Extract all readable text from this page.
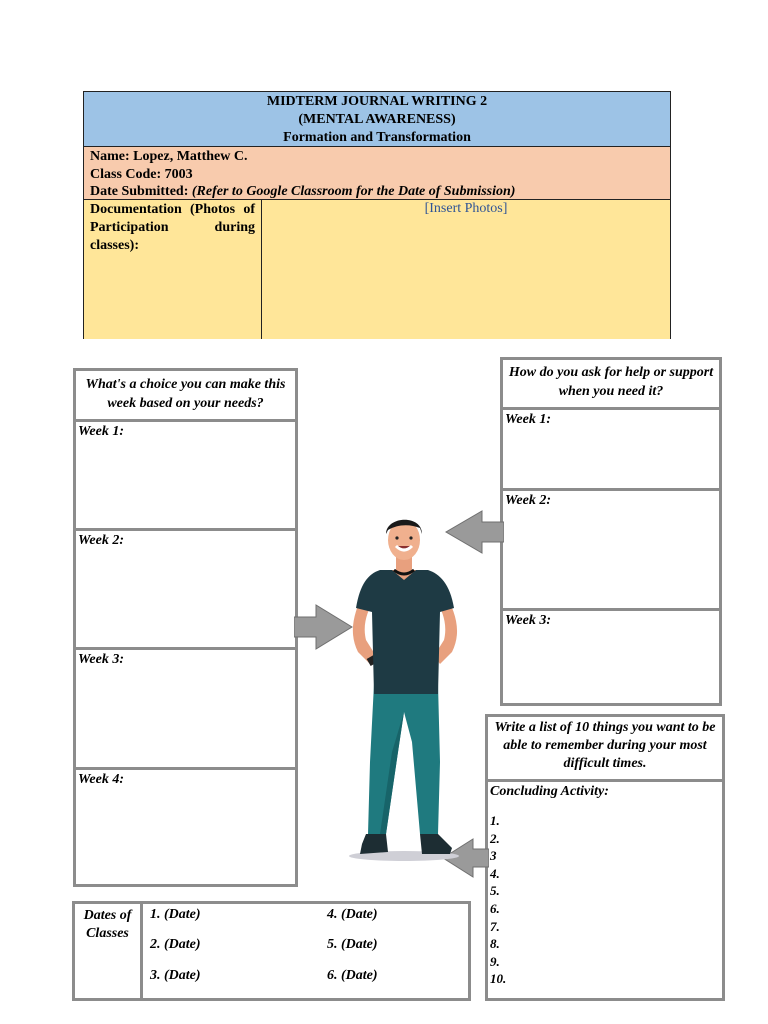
MIDTERM JOURNAL WRITING 2
(MENTAL AWARENESS)
Formation and Transformation
Name: Lopez, Matthew C.
Class Code: 7003
Date Submitted: (Refer to Google Classroom for the Date of Submission)
Documentation (Photos of Participation during classes):
[Insert Photos]
What's a choice you can make this week based on your needs?
Week 1:
Week 2:
Week 3:
Week 4:
How do you ask for help or support when you need it?
Week 1:
Week 2:
Week 3:
Write a list of 10 things you want to be able to remember during your most difficult times.
Concluding Activity:
1.
2.
3
4.
5.
6.
7.
8.
9.
10.
Dates of Classes
1. (Date)	4. (Date)
2. (Date)	5. (Date)
3. (Date)	6. (Date)
